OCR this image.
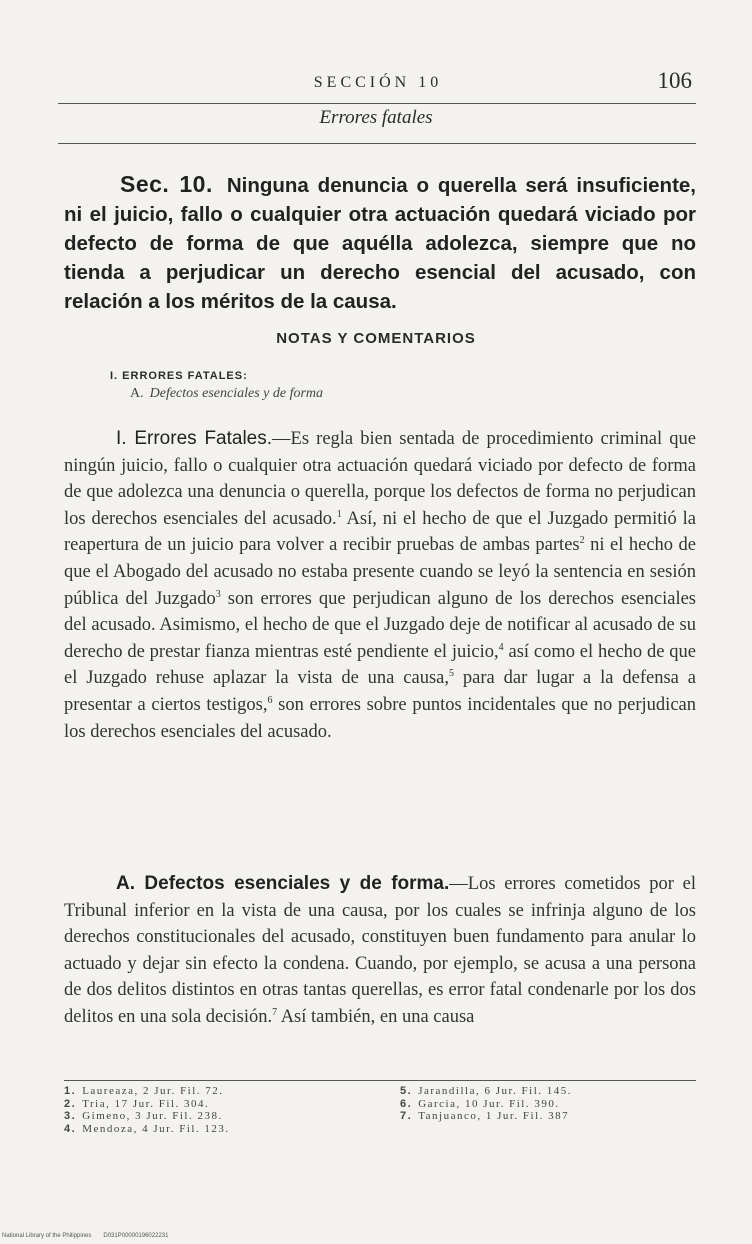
SECCIÓN 10	106
Errores fatales
Sec. 10. Ninguna denuncia o querella será insuficiente, ni el juicio, fallo o cualquier otra actuación quedará viciado por defecto de forma de que aquélla adolezca, siempre que no tienda a perjudicar un derecho esencial del acusado, con relación a los méritos de la causa.
NOTAS Y COMENTARIOS
I. ERRORES FATALES:
A. Defectos esenciales y de forma
I. Errores Fatales.—Es regla bien sentada de procedimiento criminal que ningún juicio, fallo o cualquier otra actuación quedará viciado por defecto de forma de que adolezca una denuncia o querella, porque los defectos de forma no perjudican los derechos esenciales del acusado.$^1$ Así, ni el hecho de que el Juzgado permitió la reapertura de un juicio para volver a recibir pruebas de ambas partes$^2$ ni el hecho de que el Abogado del acusado no estaba presente cuando se leyó la sentencia en sesión pública del Juzgado$^3$ son errores que perjudican alguno de los derechos esenciales del acusado. Asimismo, el hecho de que el Juzgado deje de notificar al acusado de su derecho de prestar fianza mientras esté pendiente el juicio,$^4$ así como el hecho de que el Juzgado rehuse aplazar la vista de una causa,$^5$ para dar lugar a la defensa a presentar a ciertos testigos,$^6$ son errores sobre puntos incidentales que no perjudican los derechos esenciales del acusado.
A. Defectos esenciales y de forma.—Los errores cometidos por el Tribunal inferior en la vista de una causa, por los cuales se infrinja alguno de los derechos constitucionales del acusado, constituyen buen fundamento para anular lo actuado y dejar sin efecto la condena. Cuando, por ejemplo, se acusa a una persona de dos delitos distintos en otras tantas querellas, es error fatal condenarle por los dos delitos en una sola decisión.$^7$ Así también, en una causa
1. Laureaza, 2 Jur. Fil. 72.
2. Tria, 17 Jur. Fil. 304.
3. Gimeno, 3 Jur. Fil. 238.
4. Mendoza, 4 Jur. Fil. 123.
5. Jarandilla, 6 Jur. Fil. 145.
6. Garcia, 10 Jur. Fil. 390.
7. Tanjuanco, 1 Jur. Fil. 387
National Library of the Philippines D031P00000196022231
